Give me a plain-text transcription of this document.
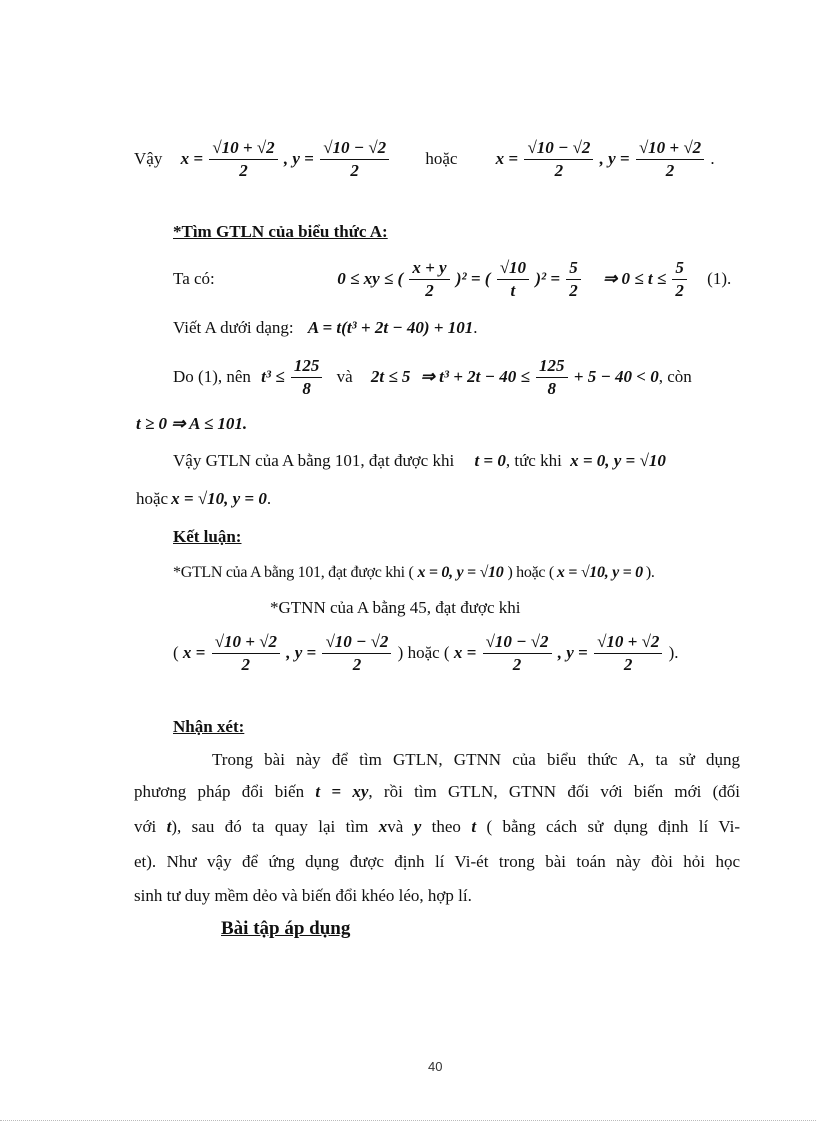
Vậy $x = \frac{√10 + √2}{2}$ , $y = \frac{√10 - √2}{2}$ hoặc $x = \frac{√10 - √2}{2}$ , $y = \frac{√10 + √2}{2}$ .
*Tìm GTLN của biểu thức A:
Ta có:	0 ≤ xy ≤ ( $\frac{x + y}{2} )^2$ = ( $\frac{√10}{t} )^2 = \frac{5}{2}$ ⇒ $0 \le t \le \frac{5}{2} (1)$.
Viết A dưới dạng: A = t(t³ + 2t − 40) + 101.
Do (1), nên $t^3 \le \frac{125}{8}$ và 2t ≤ 5 ⇒ $t^3 + 2t - 40 \le \frac{125}{8} + 5 - 40 < 0$, còn
t ≥ 0 ⇒ A ≤ 101.
Vậy GTLN của A bằng 101, đạt được khi t = 0, tức khi x = 0, y = √10
hoặc x = √10, y = 0.
Kết luận:
*GTLN của A bằng 101, đạt được khi ( x = 0, y = √10 ) hoặc ( x = √10, y = 0 ).
*GTNN của A bằng 45, đạt được khi
( $x = \frac{√10 + √2}{2}$ , $y = \frac{√10 - √2}{2}$ ) hoặc ( $x = \frac{√10 - √2}{2}$ , $y = \frac{√10 + √2}{2}$ ).
Nhận xét:
Trong bài này để tìm GTLN, GTNN của biểu thức A, ta sử dụng
phương pháp đổi biến t = xy, rồi tìm GTLN, GTNN đối với biến mới (đối
với t), sau đó ta quay lại tìm xvà y theo t ( bằng cách sử dụng định lí Vi-
et). Như vậy để ứng dụng được định lí Vi-ét trong bài toán này đòi hỏi học
sinh tư duy mềm dẻo và biến đổi khéo léo, hợp lí.
Bài tập áp dụng
40
